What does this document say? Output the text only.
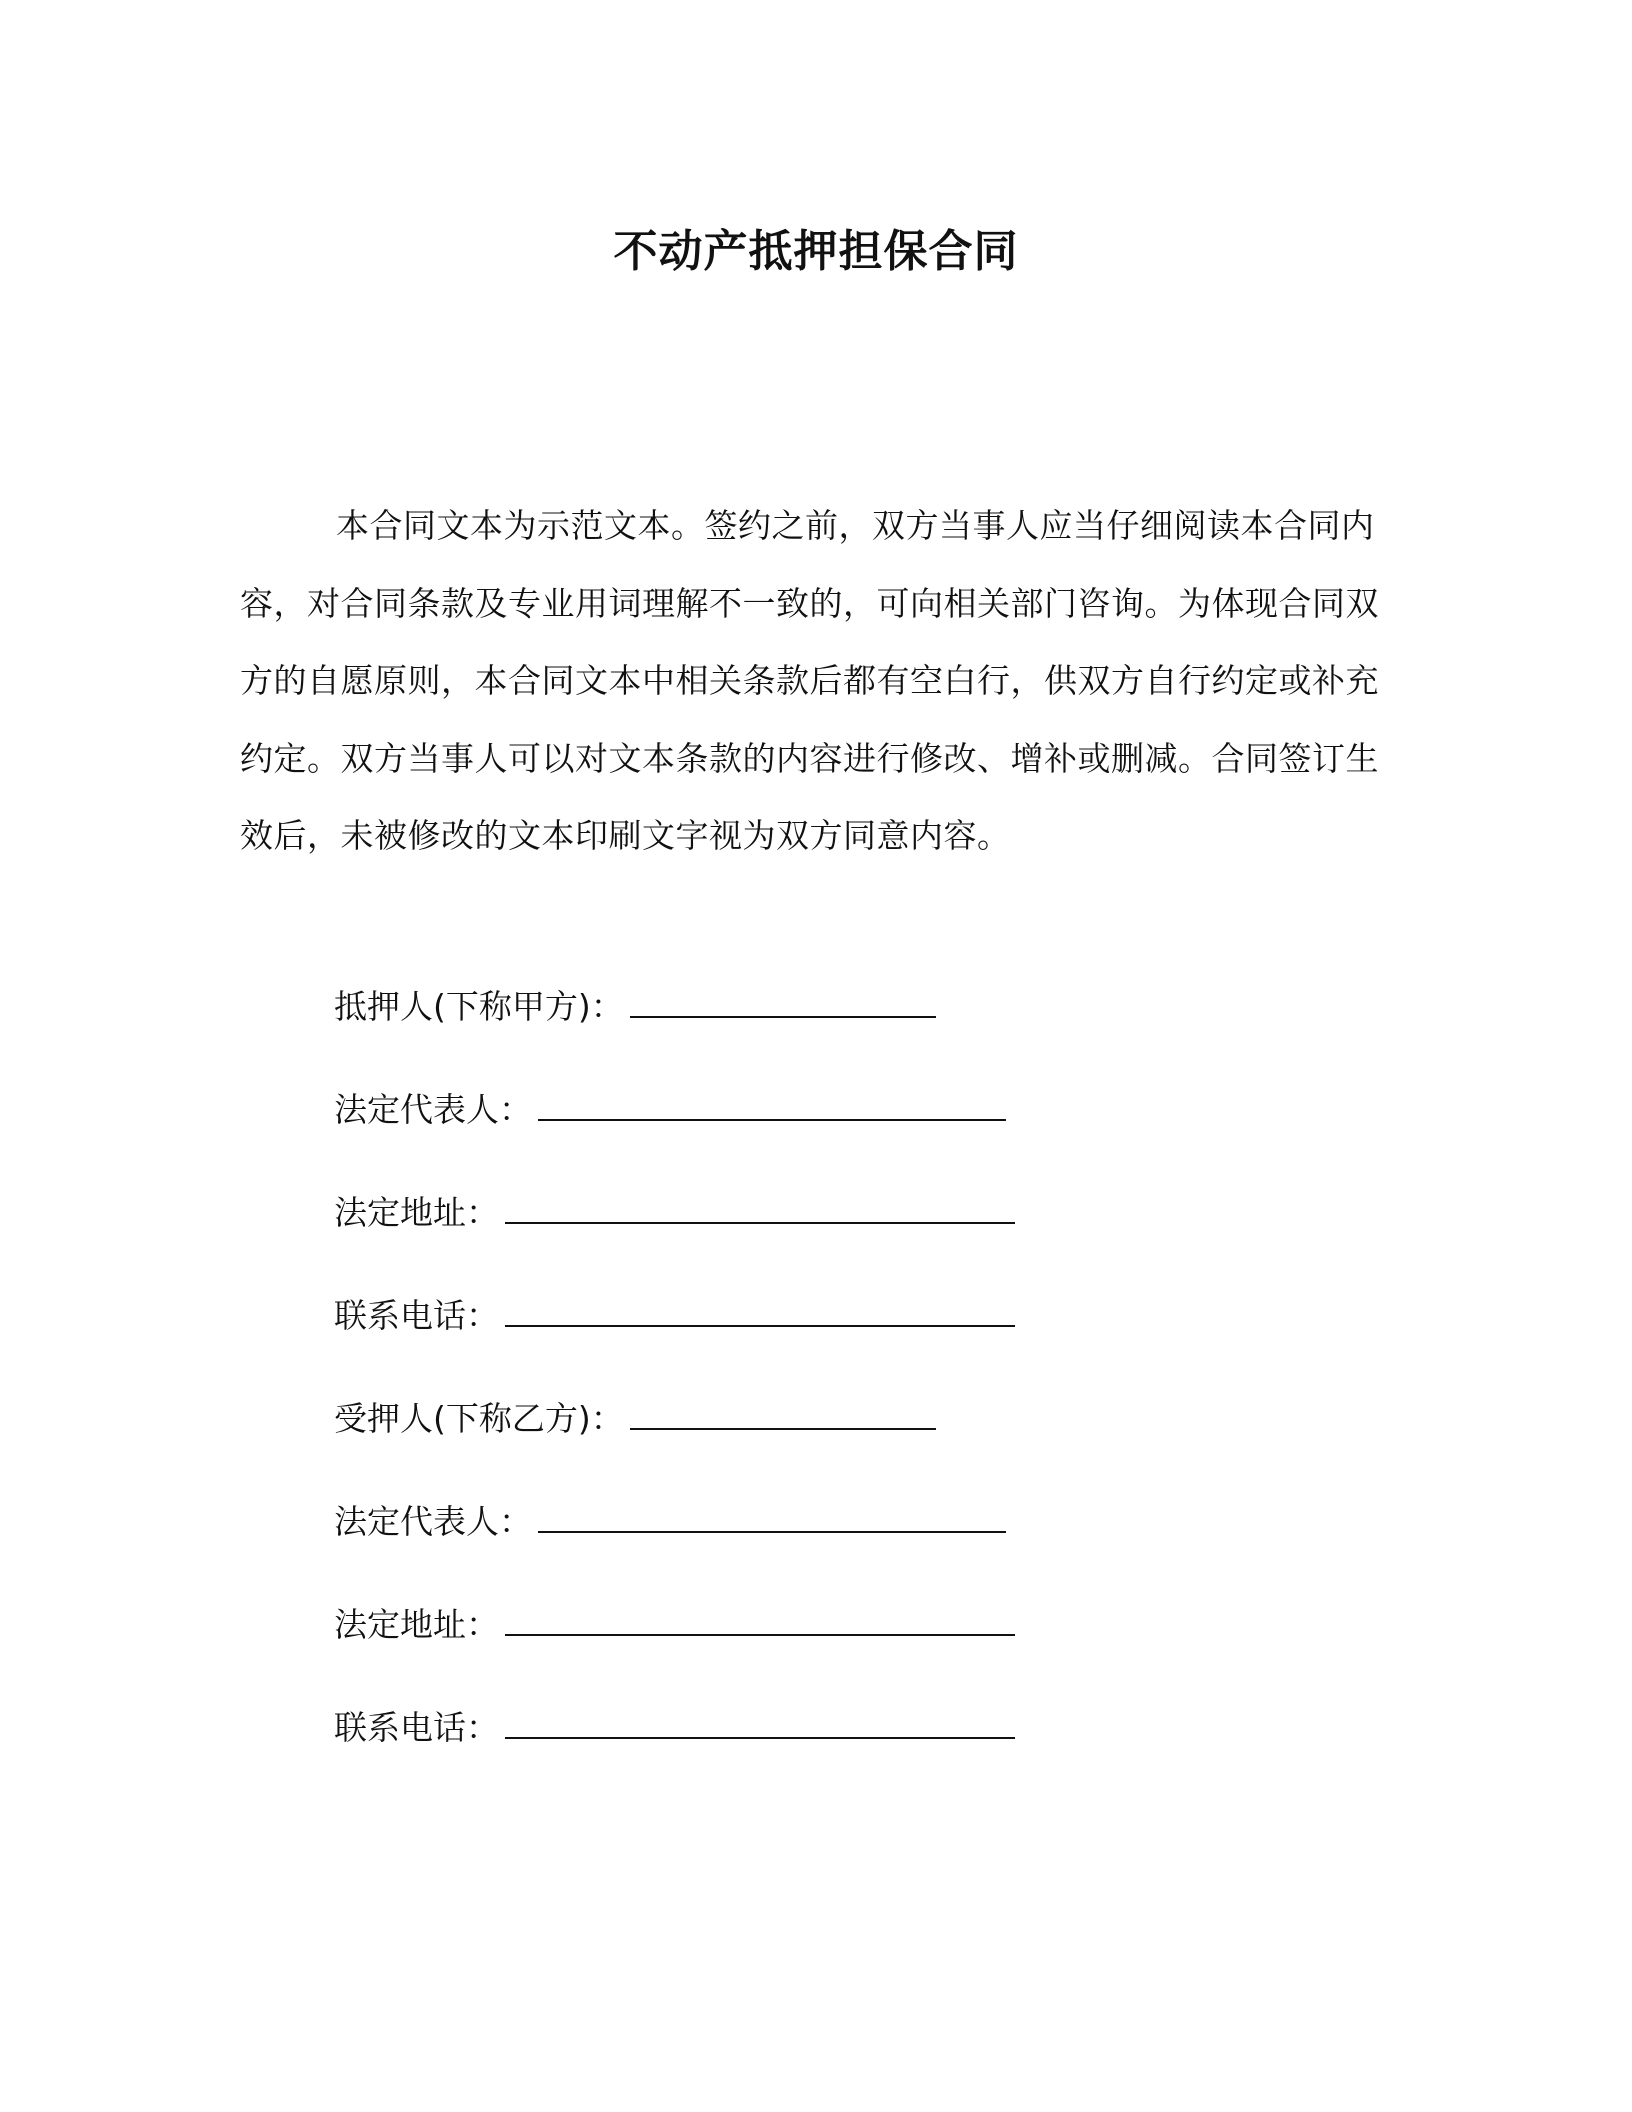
不动产抵押担保合同

本合同文本为示范文本。签约之前，双方当事人应当仔细阅读本合同内容，对合同条款及专业用词理解不一致的，可向相关部门咨询。为体现合同双方的自愿原则，本合同文本中相关条款后都有空白行，供双方自行约定或补充约定。双方当事人可以对文本条款的内容进行修改、增补或删减。合同签订生效后，未被修改的文本印刷文字视为双方同意内容。

抵押人(下称甲方)：
法定代表人：
法定地址：
联系电话：
受押人(下称乙方)：
法定代表人：
法定地址：
联系电话：
